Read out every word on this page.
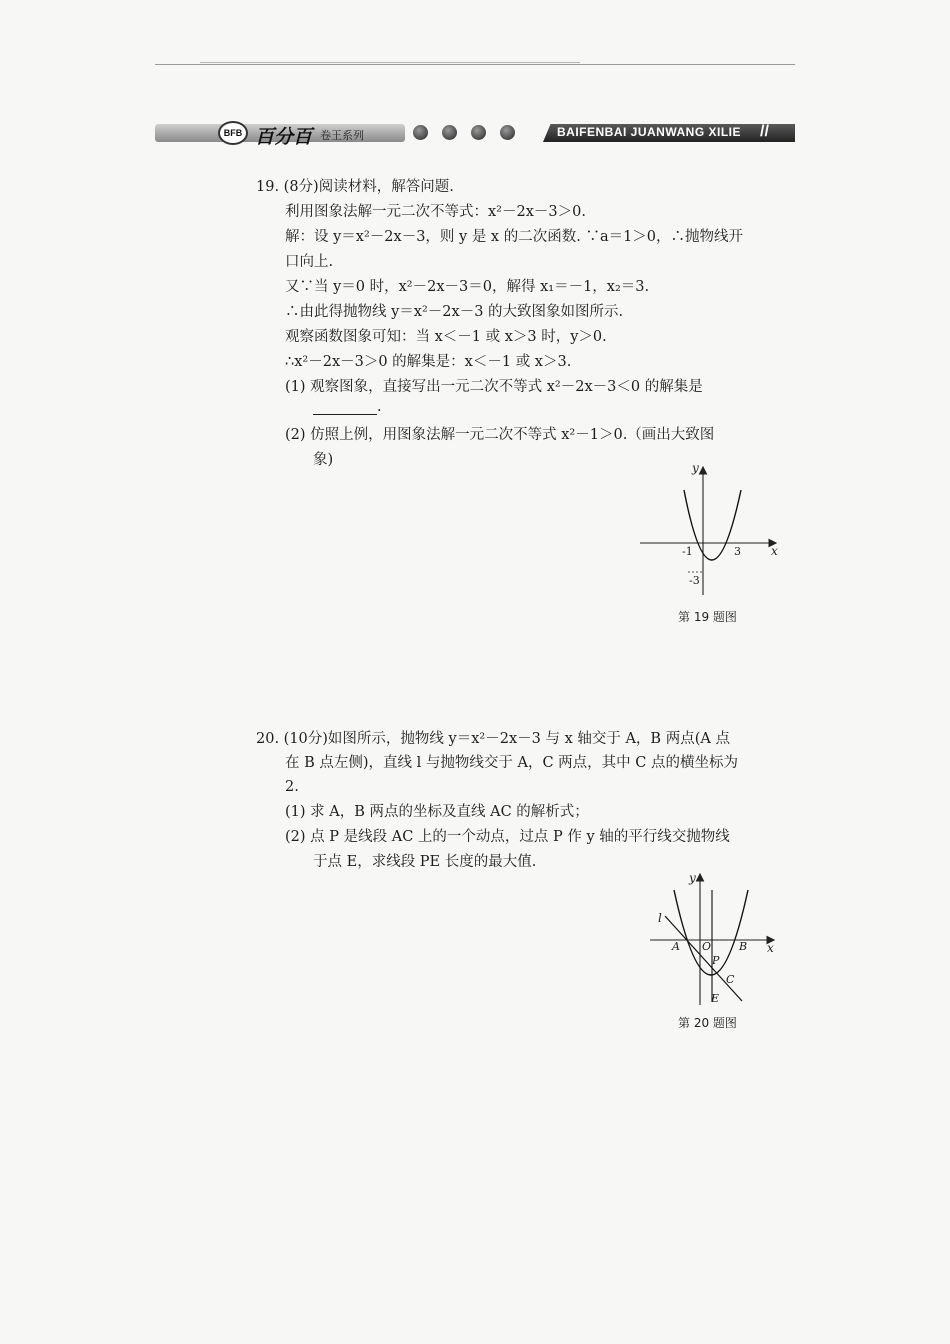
BFB 百分百 卷王系列	BAIFENBAI JUANWANG XILIE //
19. (8分)阅读材料，解答问题.
利用图象法解一元二次不等式：x²－2x－3＞0.
解：设 y＝x²－2x－3，则 y 是 x 的二次函数. ∵a＝1＞0，∴抛物线开
口向上.
又∵当 y＝0 时，x²－2x－3＝0，解得 x₁＝－1，x₂＝3.
∴由此得抛物线 y＝x²－2x－3 的大致图象如图所示.
观察函数图象可知：当 x＜－1 或 x＞3 时，y＞0.
∴x²－2x－3＞0 的解集是：x＜－1 或 x＞3.
(1) 观察图象，直接写出一元二次不等式 x²－2x－3＜0 的解集是
.
(2) 仿照上例，用图象法解一元二次不等式 x²－1＞0.（画出大致图
象)	y
x
-1	3
-3
第 19 题图
20. (10分)如图所示，抛物线 y＝x²－2x－3 与 x 轴交于 A，B 两点(A 点
在 B 点左侧)，直线 l 与抛物线交于 A，C 两点，其中 C 点的横坐标为
2.
(1) 求 A，B 两点的坐标及直线 AC 的解析式；
(2) 点 P 是线段 AC 上的一个动点，过点 P 作 y 轴的平行线交抛物线
于点 E，求线段 PE 长度的最大值.
l
y
x
A O	B
P
C
E
第 20 题图
